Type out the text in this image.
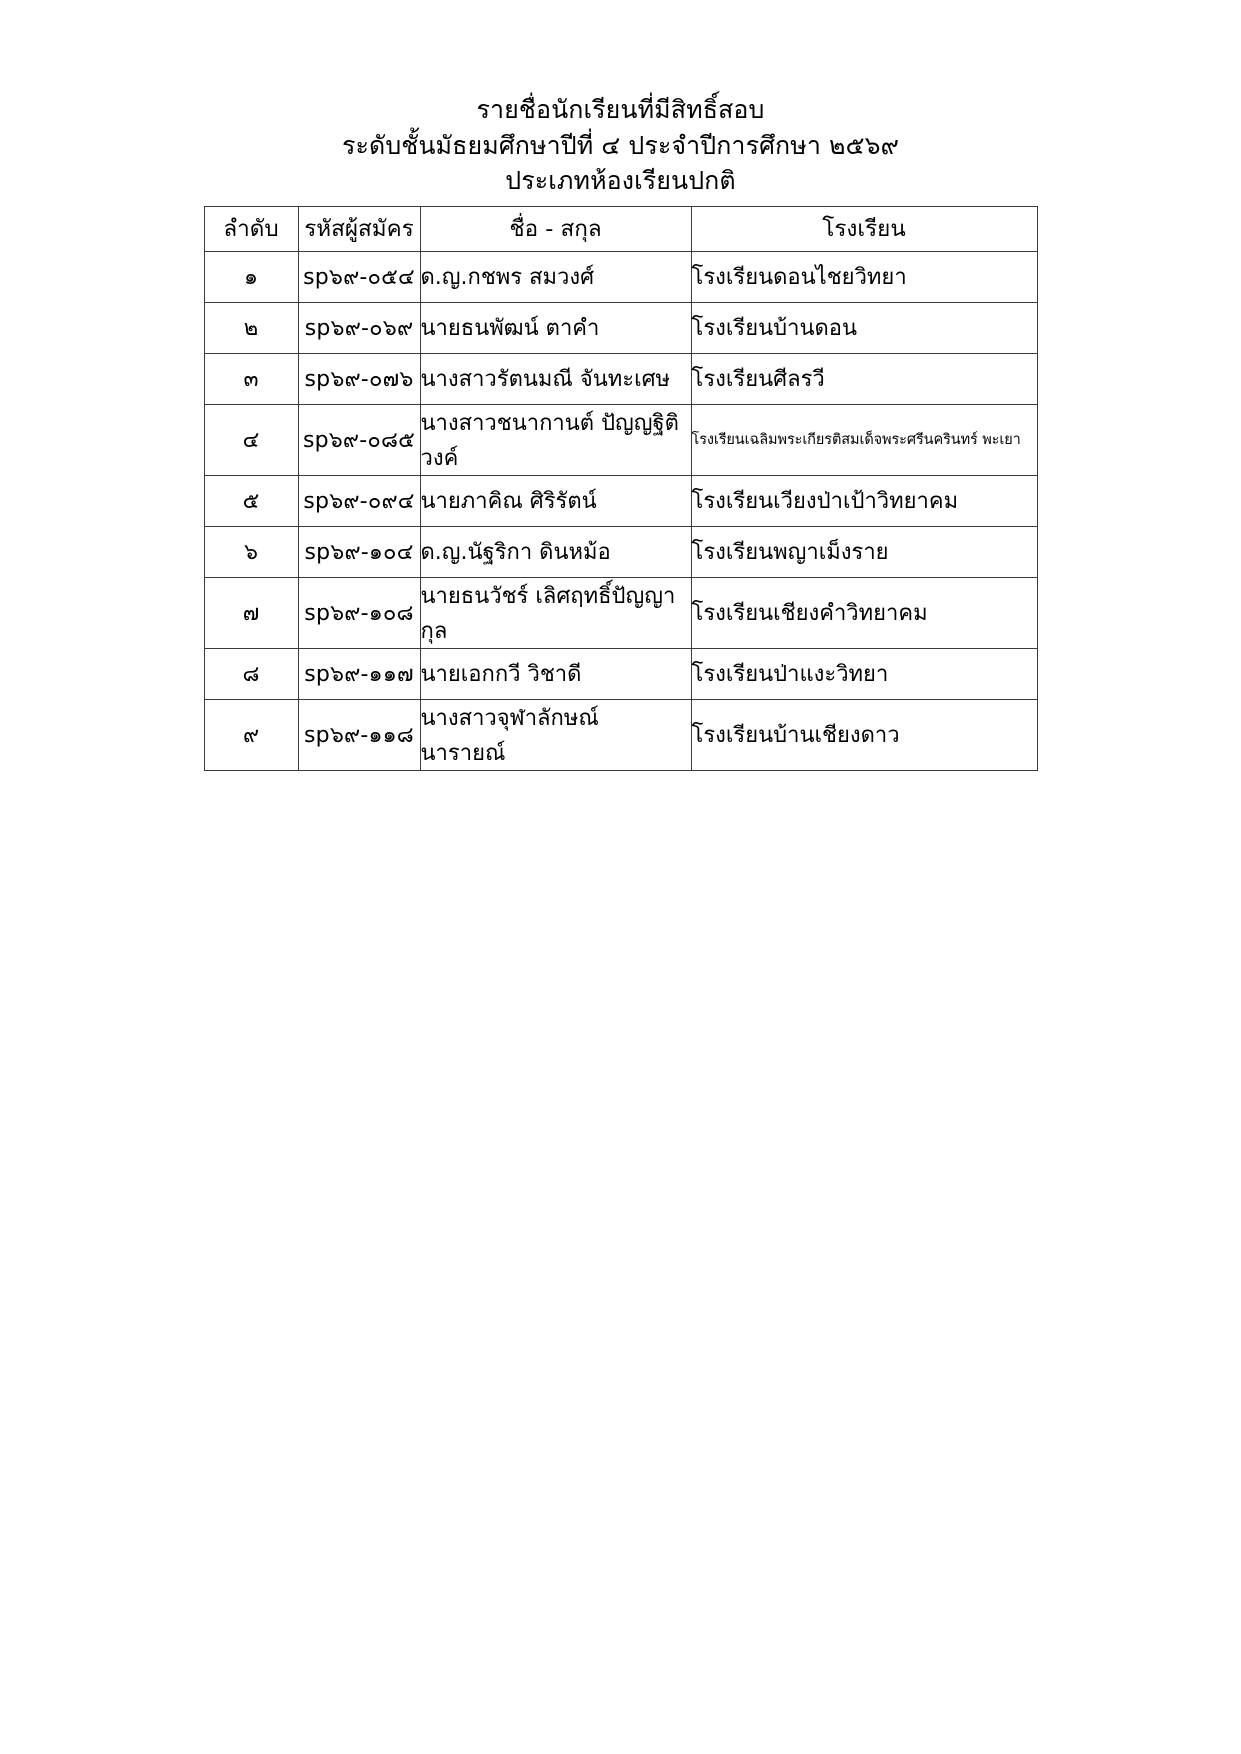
รายชื่อนักเรียนที่มีสิทธิ์สอบ
ระดับชั้นมัธยมศึกษาปีที่ ๔ ประจำปีการศึกษา ๒๕๖๙
ประเภทห้องเรียนปกติ
ลำดับ	รหัสผู้สมัคร	ชื่อ - สกุล	โรงเรียน
๑	sp๖๙-๐๕๔	ด.ญ.กชพร สมวงศ์	โรงเรียนดอนไชยวิทยา
๒	sp๖๙-๐๖๙	นายธนพัฒน์ ตาคำ	โรงเรียนบ้านดอน
๓	sp๖๙-๐๗๖	นางสาวรัตนมณี จันทะเศษ	โรงเรียนศีลรวี
๔	sp๖๙-๐๘๕	นางสาวชนากานต์ ปัญญฐิติวงค์	โรงเรียนเฉลิมพระเกียรติสมเด็จพระศรีนครินทร์ พะเยา
๕	sp๖๙-๐๙๔	นายภาคิณ ศิริรัตน์	โรงเรียนเวียงป่าเป้าวิทยาคม
๖	sp๖๙-๑๐๔	ด.ญ.นัฐริกา ดินหม้อ	โรงเรียนพญาเม็งราย
๗	sp๖๙-๑๐๘	นายธนวัชร์ เลิศฤทธิ์ปัญญากุล	โรงเรียนเชียงคำวิทยาคม
๘	sp๖๙-๑๑๗	นายเอกกวี วิชาดี	โรงเรียนป่าแงะวิทยา
๙	sp๖๙-๑๑๘	นางสาวจุฬาลักษณ์ นารายณ์	โรงเรียนบ้านเชียงดาว
